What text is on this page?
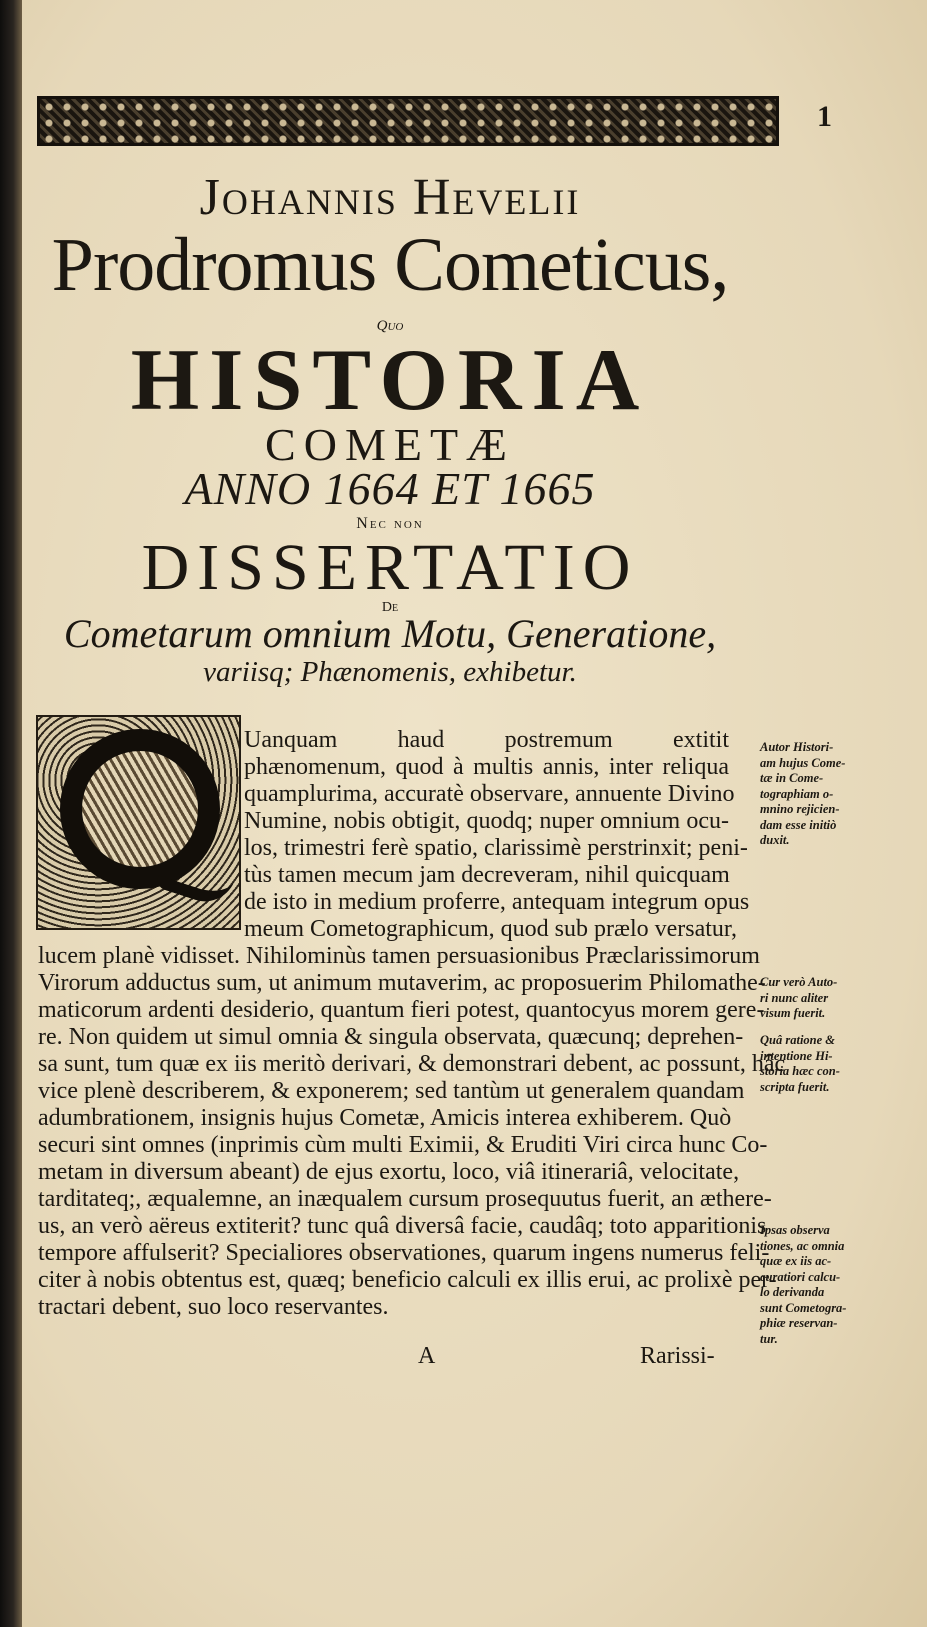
1
Johannis Hevelii
Prodromus Cometicus,
Quo
HISTORIA
COMETÆ
ANNO 1664 ET 1665
Nec non
DISSERTATIO
De
Cometarum omnium Motu, Generatione,
variisq; Phænomenis, exhibetur.
Uanquam haud postremum extitit
phænomenum, quod à multis annis, inter reliqua
quamplurima, accuratè observare, annuente Divino
Numine, nobis obtigit, quodq; nuper omnium ocu-
los, trimestri ferè spatio, clarissimè perstrinxit; peni-
tùs tamen mecum jam decreveram, nihil quicquam
de isto in medium proferre, antequam integrum opus
meum Cometographicum, quod sub prælo versatur,
lucem planè vidisset. Nihilominùs tamen persuasionibus Præclarissimorum
Virorum adductus sum, ut animum mutaverim, ac proposuerim Philomathe-
maticorum ardenti desiderio, quantum fieri potest, quantocyus morem gere-
re. Non quidem ut simul omnia & singula observata, quæcunq; deprehen-
sa sunt, tum quæ ex iis meritò derivari, & demonstrari debent, ac possunt, hâc
vice plenè describerem, & exponerem; sed tantùm ut generalem quandam
adumbrationem, insignis hujus Cometæ, Amicis interea exhiberem. Quò
securi sint omnes (inprimis cùm multi Eximii, & Eruditi Viri circa hunc Co-
metam in diversum abeant) de ejus exortu, loco, viâ itinerariâ, velocitate,
tarditateq;, æqualemne, an inæqualem cursum prosequutus fuerit, an æthere-
us, an verò aëreus extiterit? tunc quâ diversâ facie, caudâq; toto apparitionis
tempore affulserit? Specialiores observationes, quarum ingens numerus feli-
citer à nobis obtentus est, quæq; beneficio calculi ex illis erui, ac prolixè per-
tractari debent, suo loco reservantes.
Autor Histori-
am hujus Come-
tæ in Come-
tographiam o-
mnino rejicien-
dam esse initiò
duxit.
Cur verò Auto-
ri nunc aliter
visum fuerit.
Quâ ratione &
intentione Hi-
storia hæc con-
scripta fuerit.
Ipsas observa
tiones, ac omnia
quæ ex iis ac-
curatiori calcu-
lo derivanda
sunt Cometogra-
phiæ reservan-
tur.
A	Rarissi-
